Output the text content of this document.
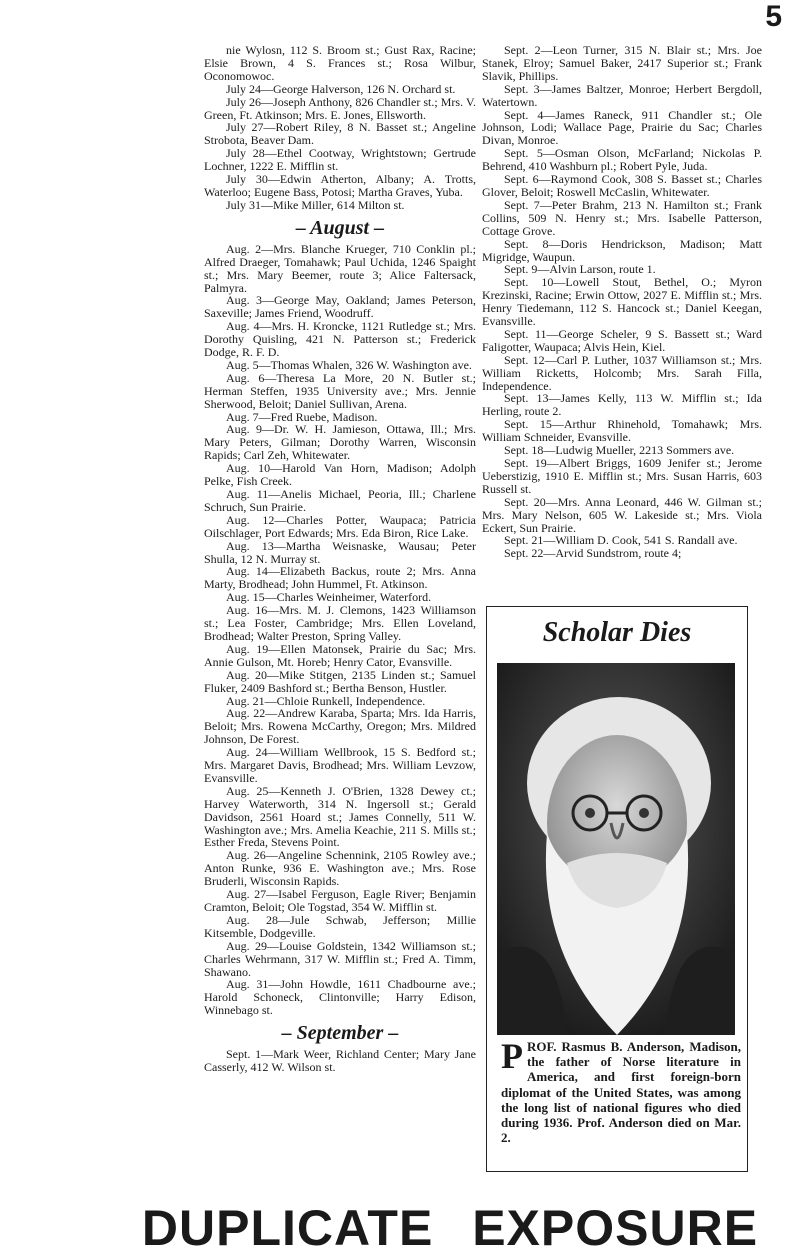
5

nie Wylosn, 112 S. Broom st.; Gust Rax, Racine; Elsie Brown, 4 S. Frances st.; Rosa Wilbur, Oconomowoc.

July 24—George Halverson, 126 N. Orchard st.

July 26—Joseph Anthony, 826 Chandler st.; Mrs. V. Green, Ft. Atkinson; Mrs. E. Jones, Ellsworth.

July 27—Robert Riley, 8 N. Basset st.; Angeline Strobota, Beaver Dam.

July 28—Ethel Cootway, Wrightstown; Gertrude Lochner, 1222 E. Mifflin st.

July 30—Edwin Atherton, Albany; A. Trotts, Waterloo; Eugene Bass, Potosi; Martha Graves, Yuba.

July 31—Mike Miller, 614 Milton st.

– August –

Aug. 2—Mrs. Blanche Krueger, 710 Conklin pl.; Alfred Draeger, Tomahawk; Paul Uchida, 1246 Spaight st.; Mrs. Mary Beemer, route 3; Alice Faltersack, Palmyra.

Aug. 3—George May, Oakland; James Peterson, Saxeville; James Friend, Woodruff.

Aug. 4—Mrs. H. Kroncke, 1121 Rutledge st.; Mrs. Dorothy Quisling, 421 N. Patterson st.; Frederick Dodge, R. F. D.

Aug. 5—Thomas Whalen, 326 W. Washington ave.

Aug. 6—Theresa La More, 20 N. Butler st.; Herman Steffen, 1935 University ave.; Mrs. Jennie Sherwood, Beloit; Daniel Sullivan, Arena.

Aug. 7—Fred Ruebe, Madison.

Aug. 9—Dr. W. H. Jamieson, Ottawa, Ill.; Mrs. Mary Peters, Gilman; Dorothy Warren, Wisconsin Rapids; Carl Zeh, Whitewater.

Aug. 10—Harold Van Horn, Madison; Adolph Pelke, Fish Creek.

Aug. 11—Anelis Michael, Peoria, Ill.; Charlene Schruch, Sun Prairie.

Aug. 12—Charles Potter, Waupaca; Patricia Oilschlager, Port Edwards; Mrs. Eda Biron, Rice Lake.

Aug. 13—Martha Weisnaske, Wausau; Peter Shulla, 12 N. Murray st.

Aug. 14—Elizabeth Backus, route 2; Mrs. Anna Marty, Brodhead; John Hummel, Ft. Atkinson.

Aug. 15—Charles Weinheimer, Waterford.

Aug. 16—Mrs. M. J. Clemons, 1423 Williamson st.; Lea Foster, Cambridge; Mrs. Ellen Loveland, Brodhead; Walter Preston, Spring Valley.

Aug. 19—Ellen Matonsek, Prairie du Sac; Mrs. Annie Gulson, Mt. Horeb; Henry Cator, Evansville.

Aug. 20—Mike Stitgen, 2135 Linden st.; Samuel Fluker, 2409 Bashford st.; Bertha Benson, Hustler.

Aug. 21—Chloie Runkell, Independence.

Aug. 22—Andrew Karaba, Sparta; Mrs. Ida Harris, Beloit; Mrs. Rowena McCarthy, Oregon; Mrs. Mildred Johnson, De Forest.

Aug. 24—William Wellbrook, 15 S. Bedford st.; Mrs. Margaret Davis, Brodhead; Mrs. William Levzow, Evansville.

Aug. 25—Kenneth J. O'Brien, 1328 Dewey ct.; Harvey Waterworth, 314 N. Ingersoll st.; Gerald Davidson, 2561 Hoard st.; James Connelly, 511 W. Washington ave.; Mrs. Amelia Keachie, 211 S. Mills st.; Esther Freda, Stevens Point.

Aug. 26—Angeline Schennink, 2105 Rowley ave.; Anton Runke, 936 E. Washington ave.; Mrs. Rose Bruderli, Wisconsin Rapids.

Aug. 27—Isabel Ferguson, Eagle River; Benjamin Cramton, Beloit; Ole Togstad, 354 W. Mifflin st.

Aug. 28—Jule Schwab, Jefferson; Millie Kitsemble, Dodgeville.

Aug. 29—Louise Goldstein, 1342 Williamson st.; Charles Wehrmann, 317 W. Mifflin st.; Fred A. Timm, Shawano.

Aug. 31—John Howdle, 1611 Chadbourne ave.; Harold Schoneck, Clintonville; Harry Edison, Winnebago st.

– September –

Sept. 1—Mark Weer, Richland Center; Mary Jane Casserly, 412 W. Wilson st.

Sept. 2—Leon Turner, 315 N. Blair st.; Mrs. Joe Stanek, Elroy; Samuel Baker, 2417 Superior st.; Frank Slavik, Phillips.

Sept. 3—James Baltzer, Monroe; Herbert Bergdoll, Watertown.

Sept. 4—James Raneck, 911 Chandler st.; Ole Johnson, Lodi; Wallace Page, Prairie du Sac; Charles Divan, Monroe.

Sept. 5—Osman Olson, McFarland; Nickolas P. Behrend, 410 Washburn pl.; Robert Pyle, Juda.

Sept. 6—Raymond Cook, 308 S. Basset st.; Charles Glover, Beloit; Roswell McCaslin, Whitewater.

Sept. 7—Peter Brahm, 213 N. Hamilton st.; Frank Collins, 509 N. Henry st.; Mrs. Isabelle Patterson, Cottage Grove.

Sept. 8—Doris Hendrickson, Madison; Matt Migridge, Waupun.

Sept. 9—Alvin Larson, route 1.

Sept. 10—Lowell Stout, Bethel, O.; Myron Krezinski, Racine; Erwin Ottow, 2027 E. Mifflin st.; Mrs. Henry Tiedemann, 112 S. Hancock st.; Daniel Keegan, Evansville.

Sept. 11—George Scheler, 9 S. Bassett st.; Ward Faligotter, Waupaca; Alvis Hein, Kiel.

Sept. 12—Carl P. Luther, 1037 Williamson st.; Mrs. William Ricketts, Holcomb; Mrs. Sarah Filla, Independence.

Sept. 13—James Kelly, 113 W. Mifflin st.; Ida Herling, route 2.

Sept. 15—Arthur Rhinehold, Tomahawk; Mrs. William Schneider, Evansville.

Sept. 18—Ludwig Mueller, 2213 Sommers ave.

Sept. 19—Albert Briggs, 1609 Jenifer st.; Jerome Ueberstizig, 1910 E. Mifflin st.; Mrs. Susan Harris, 603 Russell st.

Sept. 20—Mrs. Anna Leonard, 446 W. Gilman st.; Mrs. Mary Nelson, 605 W. Lakeside st.; Mrs. Viola Eckert, Sun Prairie.

Sept. 21—William D. Cook, 541 S. Randall ave.

Sept. 22—Arvid Sundstrom, route 4;

Scholar Dies
PROF. Rasmus B. Anderson, Madison, the father of Norse literature in America, and first foreign-born diplomat of the United States, was among the long list of national figures who died during 1936. Prof. Anderson died on Mar. 2.
DUPLICATE EXPOSURE
